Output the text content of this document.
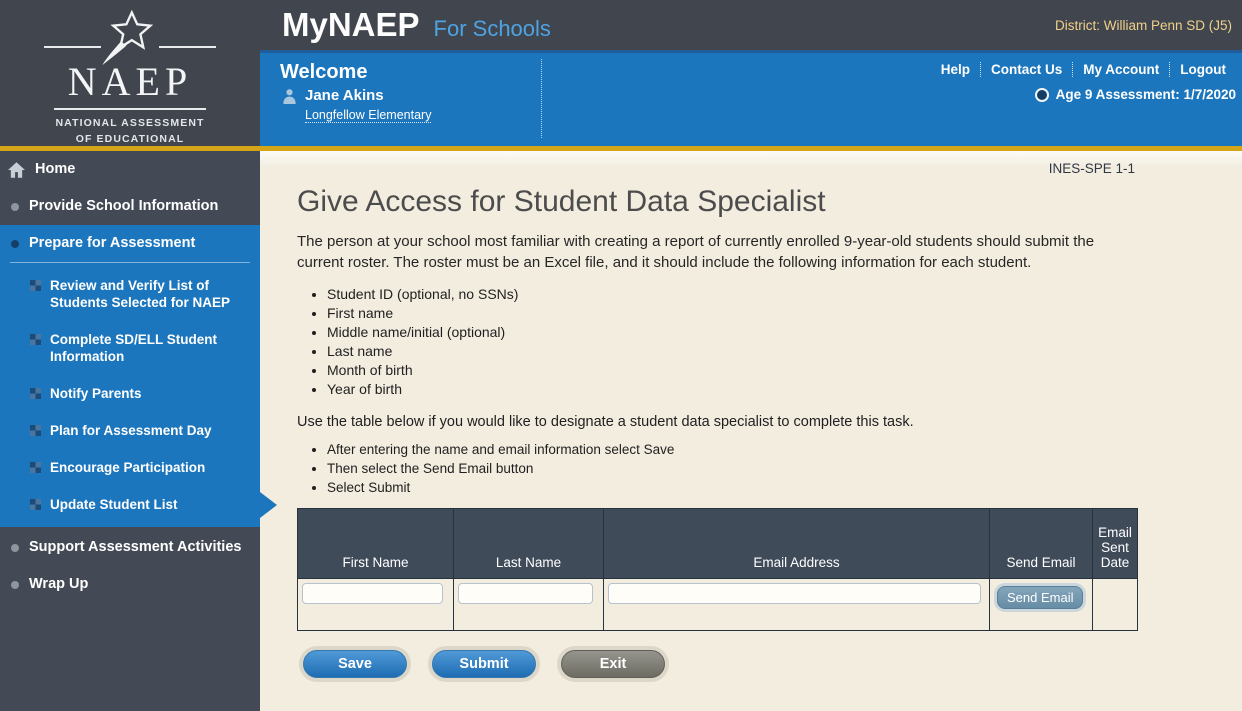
NAEP
NATIONAL ASSESSMENT
OF EDUCATIONAL
MyNAEP For Schools	District: William Penn SD (J5)
Welcome
Jane Akins
Longfellow Elementary
Help	Contact Us	My Account	Logout
Age 9 Assessment: 1/7/2020
INES-SPE 1-1
Give Access for Student Data Specialist

The person at your school most familiar with creating a report of currently enrolled 9-year-old students should submit the current roster. The roster must be an Excel file, and it should include the following information for each student.

• Student ID (optional, no SSNs)
• First name
• Middle name/initial (optional)
• Last name
• Month of birth
• Year of birth

Use the table below if you would like to designate a student data specialist to complete this task.

• After entering the name and email information select Save
• Then select the Send Email button
• Select Submit
First Name	Last Name	Email Address	Send Email	Email Sent Date
			Send Email	
Save	Submit	Exit
Home
Provide School Information
Prepare for Assessment
Review and Verify List of Students Selected for NAEP
Complete SD/ELL Student Information
Notify Parents
Plan for Assessment Day
Encourage Participation
Update Student List
Support Assessment Activities
Wrap Up
